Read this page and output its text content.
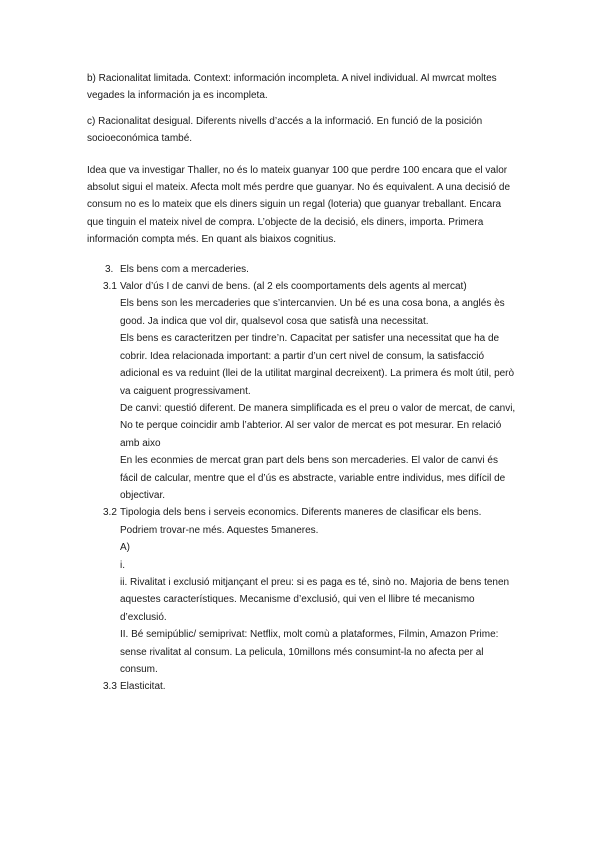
b) Racionalitat limitada. Context: información incompleta. A nivel individual. Al mwrcat moltes vegades la información ja es incompleta.

c) Racionalitat desigual. Diferents nivells d’accés a la informació. En funció de la posición socioeconómica també.

Idea que va investigar Thaller, no és lo mateix guanyar 100 que perdre 100 encara que el valor absolut sigui el mateix. Afecta molt més perdre que guanyar. No és equivalent. A una decisió de consum no es lo mateix que els diners siguin un regal (loteria) que guanyar treballant. Encara que tinguin el mateix nivel de compra. L’objecte de la decisió, els diners, importa. Primera información compta més. En quant als biaixos cognitius.

3. Els bens com a mercaderies.
3.1 Valor d’ús I de canvi de bens. (al 2 els coomportaments dels agents al mercat)

Els bens son les mercaderies que s’intercanvien. Un bé es una cosa bona, a anglés ès good. Ja indica que vol dir, qualsevol cosa que satisfà una necessitat.

Els bens es caracteritzen per tindre’n. Capacitat per satisfer una necessitat que ha de cobrir. Idea relacionada important: a partir d’un cert nivel de consum, la satisfacció adicional es va reduint (llei de la utilitat marginal decreixent). La primera és molt útil, però va caiguent progressivament.

De canvi: questió diferent. De manera simplificada es el preu o valor de mercat, de canvi, No te perque coincidir amb l’abterior. Al ser valor de mercat es pot mesurar. En relació amb aixo

En les econmies de mercat gran part dels bens son mercaderies. El valor de canvi és fácil de calcular, mentre que el d’ús es abstracte, variable entre individus, mes difícil de objectivar.

3.2 Tipologia dels bens i serveis economics. Diferents maneres de clasificar els bens. Podriem trovar-ne més. Aquestes 5maneres.

A)

i.

ii. Rivalitat i exclusió mitjançant el preu: si es paga es té, sinò no. Majoria de bens tenen aquestes característiques. Mecanisme d’exclusió, qui ven el llibre té mecanismo d’exclusió.

II. Bé semipúblic/ semiprivat: Netflix, molt comù a plataformes, Filmin, Amazon Prime: sense rivalitat al consum. La pelicula, 10millons més consumint-la no afecta per al consum.

3.3 Elasticitat.
